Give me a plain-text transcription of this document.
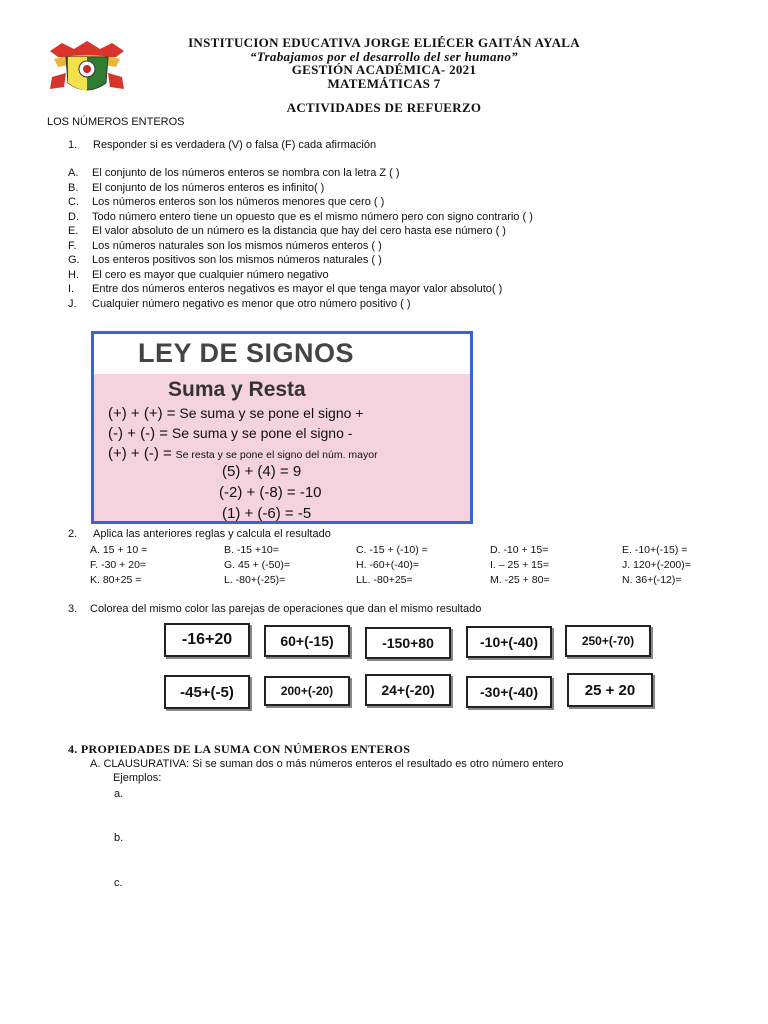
INSTITUCION EDUCATIVA JORGE ELIÉCER GAITÁN AYALA
“Trabajamos por el desarrollo del ser humano”
GESTIÓN ACADÉMICA- 2021
MATEMÁTICAS 7
ACTIVIDADES DE REFUERZO
LOS NÚMEROS ENTEROS
1. Responder si es verdadera (V) o falsa (F) cada afirmación
A. El conjunto de los números enteros se nombra con la letra Z ( )
B. El conjunto de los números enteros es infinito( )
C. Los números enteros son los números menores que cero ( )
D. Todo número entero tiene un opuesto que es el mismo número pero con signo contrario ( )
E. El valor absoluto de un número es la distancia que hay del cero hasta ese número ( )
F. Los números naturales son los mismos números enteros ( )
G. Los enteros positivos son los mismos números naturales ( )
H. El cero es mayor que cualquier número negativo
I. Entre dos números enteros negativos es mayor el que tenga mayor valor absoluto( )
J. Cualquier número negativo es menor que otro número positivo ( )
LEY DE SIGNOS
Suma y Resta
(+) + (+) = Se suma y se pone el signo +
(-) + (-) = Se suma y se pone el signo -
(+) + (-) = Se resta y se pone el signo del núm. mayor
(5) + (4) = 9
(-2) + (-8) = -10
(1) + (-6) = -5
2. Aplica las anteriores reglas y calcula el resultado
A. 15 + 10 =	B. -15 +10=	C. -15 + (-10) =	D. -10 + 15=	E. -10+(-15) =
F. -30 + 20=	G. 45 + (-50)=	H. -60+(-40)=	I. – 25 + 15=	J. 120+(-200)=
K. 80+25 =	L. -80+(-25)=	LL. -80+25=	M. -25 + 80=	N. 36+(-12)=
3. Colorea del mismo color las parejas de operaciones que dan el mismo resultado
-16+20	60+(-15)	-150+80	-10+(-40)	250+(-70)
-45+(-5)	200+(-20)	24+(-20)	-30+(-40)	25 + 20
4. PROPIEDADES DE LA SUMA CON NÚMEROS ENTEROS
A. CLAUSURATIVA: Si se suman dos o más números enteros el resultado es otro número entero
Ejemplos:
a.
b.
c.
